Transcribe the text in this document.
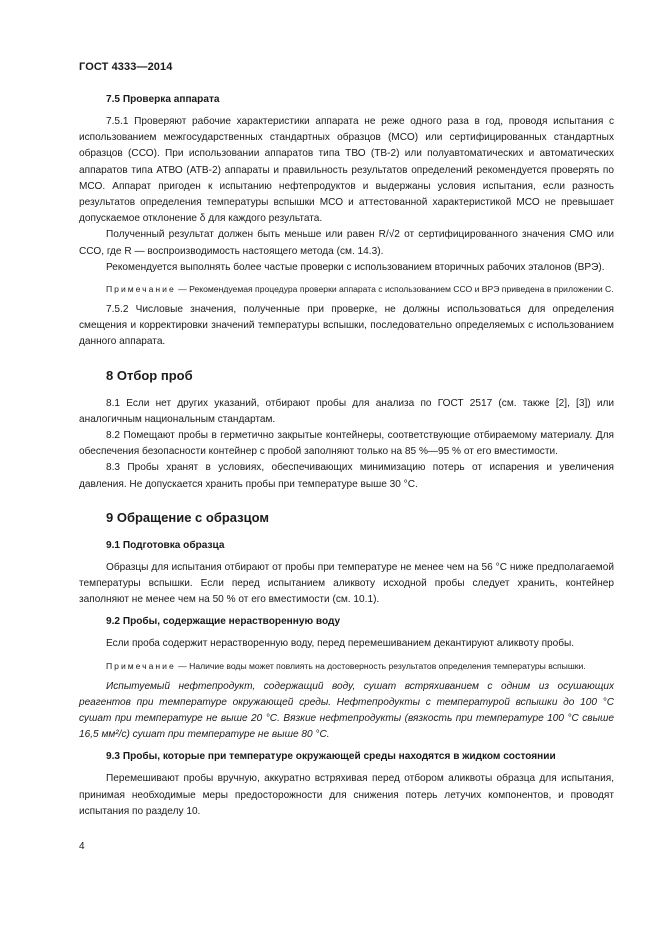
ГОСТ 4333—2014
7.5 Проверка аппарата

7.5.1 Проверяют рабочие характеристики аппарата не реже одного раза в год, проводя испытания с использованием межгосударственных стандартных образцов (МСО) или сертифицированных стандартных образцов (ССО). При использовании аппаратов типа ТВО (ТВ-2) или полуавтоматических и автоматических аппаратов типа АТВО (АТВ-2) аппараты и правильность результатов определений рекомендуется проверять по МСО. Аппарат пригоден к испытанию нефтепродуктов и выдержаны условия испытания, если разность результатов определения температуры вспышки МСО и аттестованной характеристикой МСО не превышает допускаемое отклонение δ для каждого результата.

Полученный результат должен быть меньше или равен R/√2 от сертифицированного значения СМО или ССО, где R — воспроизводимость настоящего метода (см. 14.3).

Рекомендуется выполнять более частые проверки с использованием вторичных рабочих эталонов (ВРЭ).

Примечание — Рекомендуемая процедура проверки аппарата с использованием ССО и ВРЭ приведена в приложении С.

7.5.2 Числовые значения, полученные при проверке, не должны использоваться для определения смещения и корректировки значений температуры вспышки, последовательно определяемых с использованием данного аппарата.

8 Отбор проб

8.1 Если нет других указаний, отбирают пробы для анализа по ГОСТ 2517 (см. также [2], [3]) или аналогичным национальным стандартам.

8.2 Помещают пробы в герметично закрытые контейнеры, соответствующие отбираемому материалу. Для обеспечения безопасности контейнер с пробой заполняют только на 85 %—95 % от его вместимости.

8.3 Пробы хранят в условиях, обеспечивающих минимизацию потерь от испарения и увеличения давления. Не допускается хранить пробы при температуре выше 30 °С.

9 Обращение с образцом
9.1 Подготовка образца

Образцы для испытания отбирают от пробы при температуре не менее чем на 56 °С ниже предполагаемой температуры вспышки. Если перед испытанием аликвоту исходной пробы следует хранить, контейнер заполняют не менее чем на 50 % от его вместимости (см. 10.1).

9.2 Пробы, содержащие нерастворенную воду

Если проба содержит нерастворенную воду, перед перемешиванием декантируют аликвоту пробы.

Примечание — Наличие воды может повлиять на достоверность результатов определения температуры вспышки.

Испытуемый нефтепродукт, содержащий воду, сушат встряхиванием с одним из осушающих реагентов при температуре окружающей среды. Нефтепродукты с температурой вспышки до 100 °С сушат при температуре не выше 20 °С. Вязкие нефтепродукты (вязкость при температуре 100 °С свыше 16,5 мм²/с) сушат при температуре не выше 80 °С.

9.3 Пробы, которые при температуре окружающей среды находятся в жидком состоянии

Перемешивают пробы вручную, аккуратно встряхивая перед отбором аликвоты образца для испытания, принимая необходимые меры предосторожности для снижения потерь летучих компонентов, и проводят испытания по разделу 10.

4
